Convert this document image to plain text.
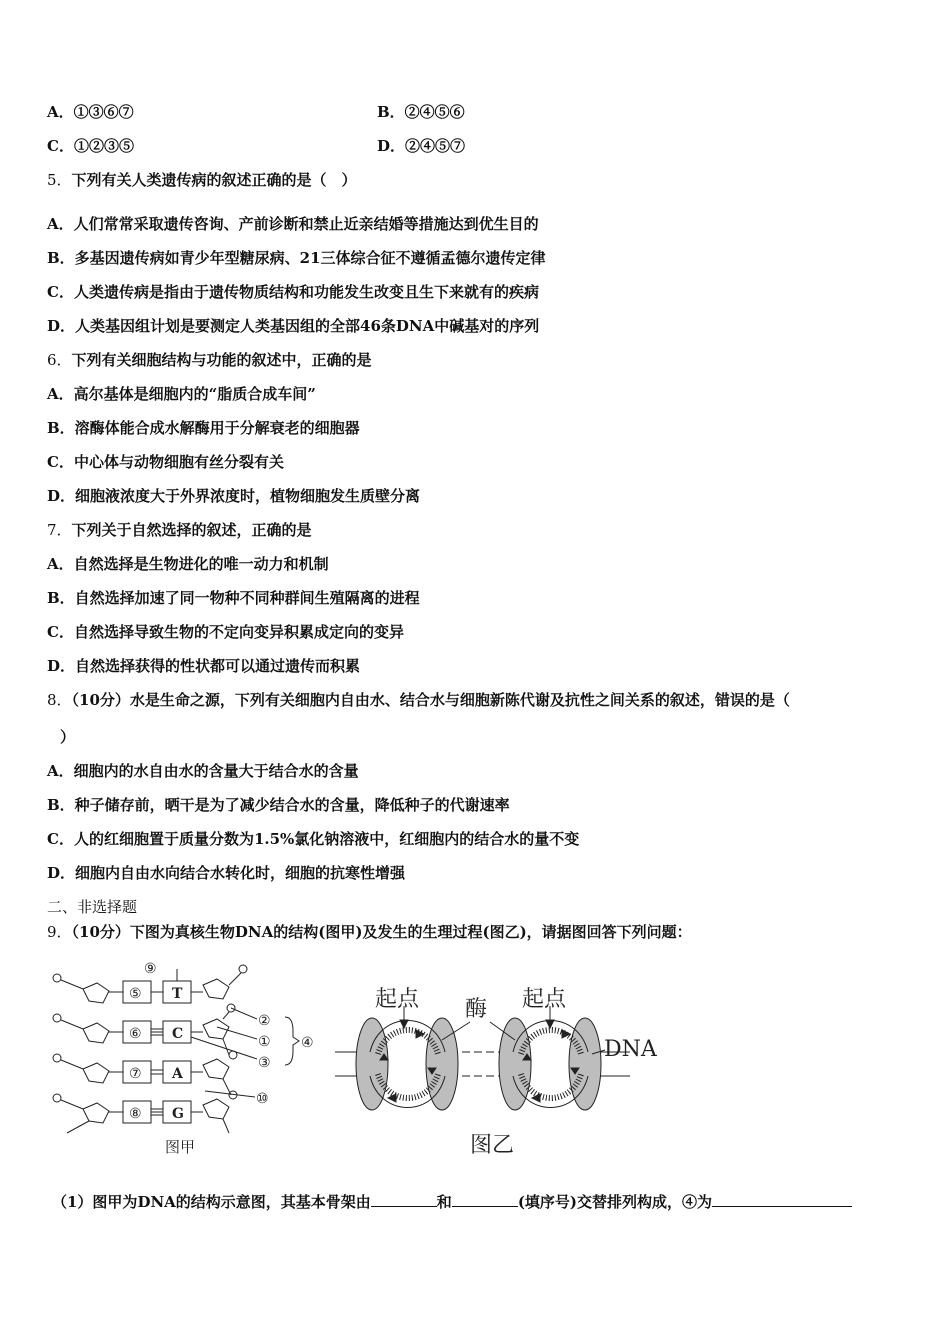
A．①③⑥⑦	B．②④⑤⑥
C．①②③⑤	D．②④⑤⑦
5．下列有关人类遗传病的叙述正确的是（　）
A．人们常常采取遗传咨询、产前诊断和禁止近亲结婚等措施达到优生目的
B．多基因遗传病如青少年型糖尿病、21三体综合征不遵循孟德尔遗传定律
C．人类遗传病是指由于遗传物质结构和功能发生改变且生下来就有的疾病
D．人类基因组计划是要测定人类基因组的全部46条DNA中碱基对的序列
6．下列有关细胞结构与功能的叙述中，正确的是
A．高尔基体是细胞内的“脂质合成车间”
B．溶酶体能合成水解酶用于分解衰老的细胞器
C．中心体与动物细胞有丝分裂有关
D．细胞液浓度大于外界浓度时，植物细胞发生质壁分离
7．下列关于自然选择的叙述，正确的是
A．自然选择是生物进化的唯一动力和机制
B．自然选择加速了同一物种不同种群间生殖隔离的进程
C．自然选择导致生物的不定向变异积累成定向的变异
D．自然选择获得的性状都可以通过遗传而积累
8．（10分）水是生命之源，下列有关细胞内自由水、结合水与细胞新陈代谢及抗性之间关系的叙述，错误的是（
）
A．细胞内的水自由水的含量大于结合水的含量
B．种子储存前，晒干是为了减少结合水的含量，降低种子的代谢速率
C．人的红细胞置于质量分数为1.5%氯化钠溶液中，红细胞内的结合水的量不变
D．细胞内自由水向结合水转化时，细胞的抗寒性增强
二、非选择题
9．（10分）下图为真核生物DNA的结构(图甲)及发生的生理过程(图乙)，请据图回答下列问题：
⑨
②
①
③
④
⑩
⑤
⑥
⑦
⑧
T
C
A
G
图甲
起点 酶 起点
DNA
图乙
（1）图甲为DNA的结构示意图，其基本骨架由	和	(填序号)交替排列构成，④为
